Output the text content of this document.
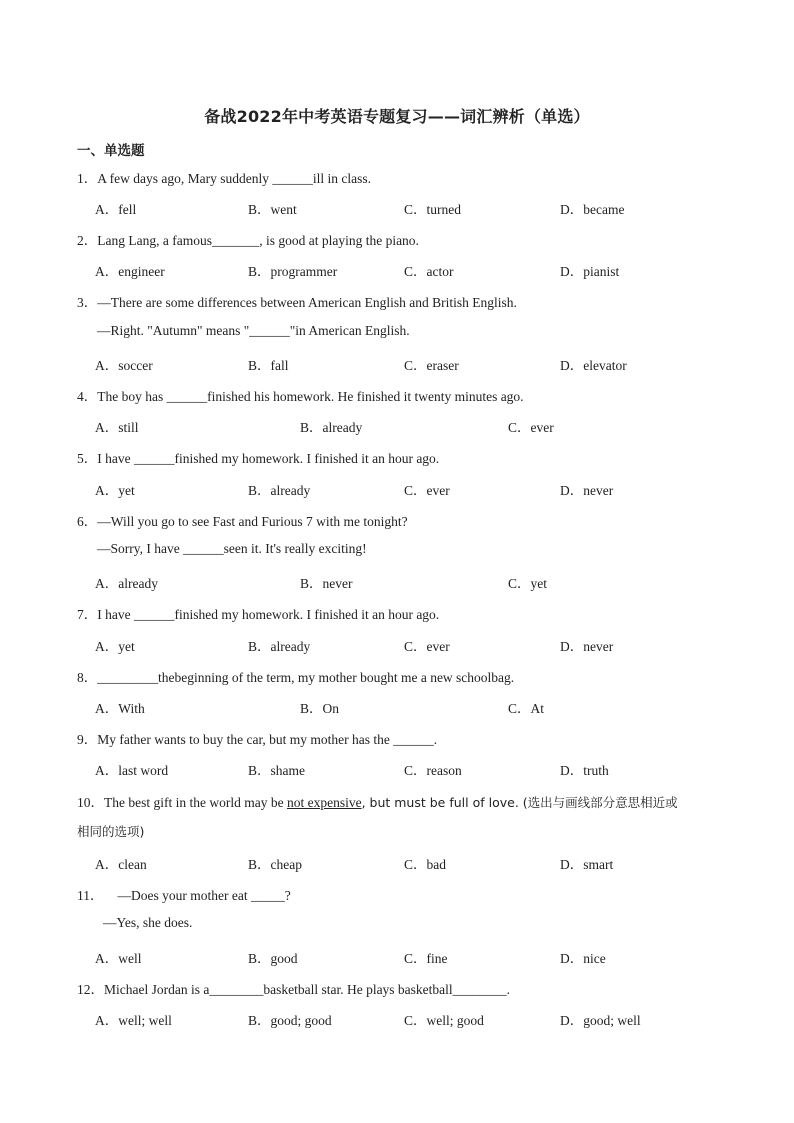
备战2022年中考英语专题复习——词汇辨析（单选）
一、单选题
1．A few days ago, Mary suddenly ______ill in class.
A．fell	B．went	C．turned	D．became
2．Lang Lang, a famous_______, is good at playing the piano.
A．engineer	B．programmer	C．actor	D．pianist
3．—There are some differences between American English and British English.
—Right. "Autumn" means "______"in American English.
A．soccer	B．fall	C．eraser	D．elevator
4．The boy has ______finished his homework. He finished it twenty minutes ago.
A．still	B．already	C．ever
5．I have ______finished my homework. I finished it an hour ago.
A．yet	B．already	C．ever	D．never
6．—Will you go to see Fast and Furious 7 with me tonight?
—Sorry, I have ______seen it. It's really exciting!
A．already	B．never	C．yet
7．I have ______finished my homework. I finished it an hour ago.
A．yet	B．already	C．ever	D．never
8．_________thebeginning of the term, my mother bought me a new schoolbag.
A．With	B．On	C．At
9．My father wants to buy the car, but my mother has the ______.
A．last word	B．shame	C．reason	D．truth
10．The best gift in the world may be not expensive, but must be full of love. (选出与画线部分意思相近或
相同的选项)
A．clean	B．cheap	C．bad	D．smart
11． —Does your mother eat _____?
—Yes, she does.
A．well	B．good	C．fine	D．nice
12．Michael Jordan is a________basketball star. He plays basketball________.
A．well; well	B．good; good	C．well; good	D．good; well
